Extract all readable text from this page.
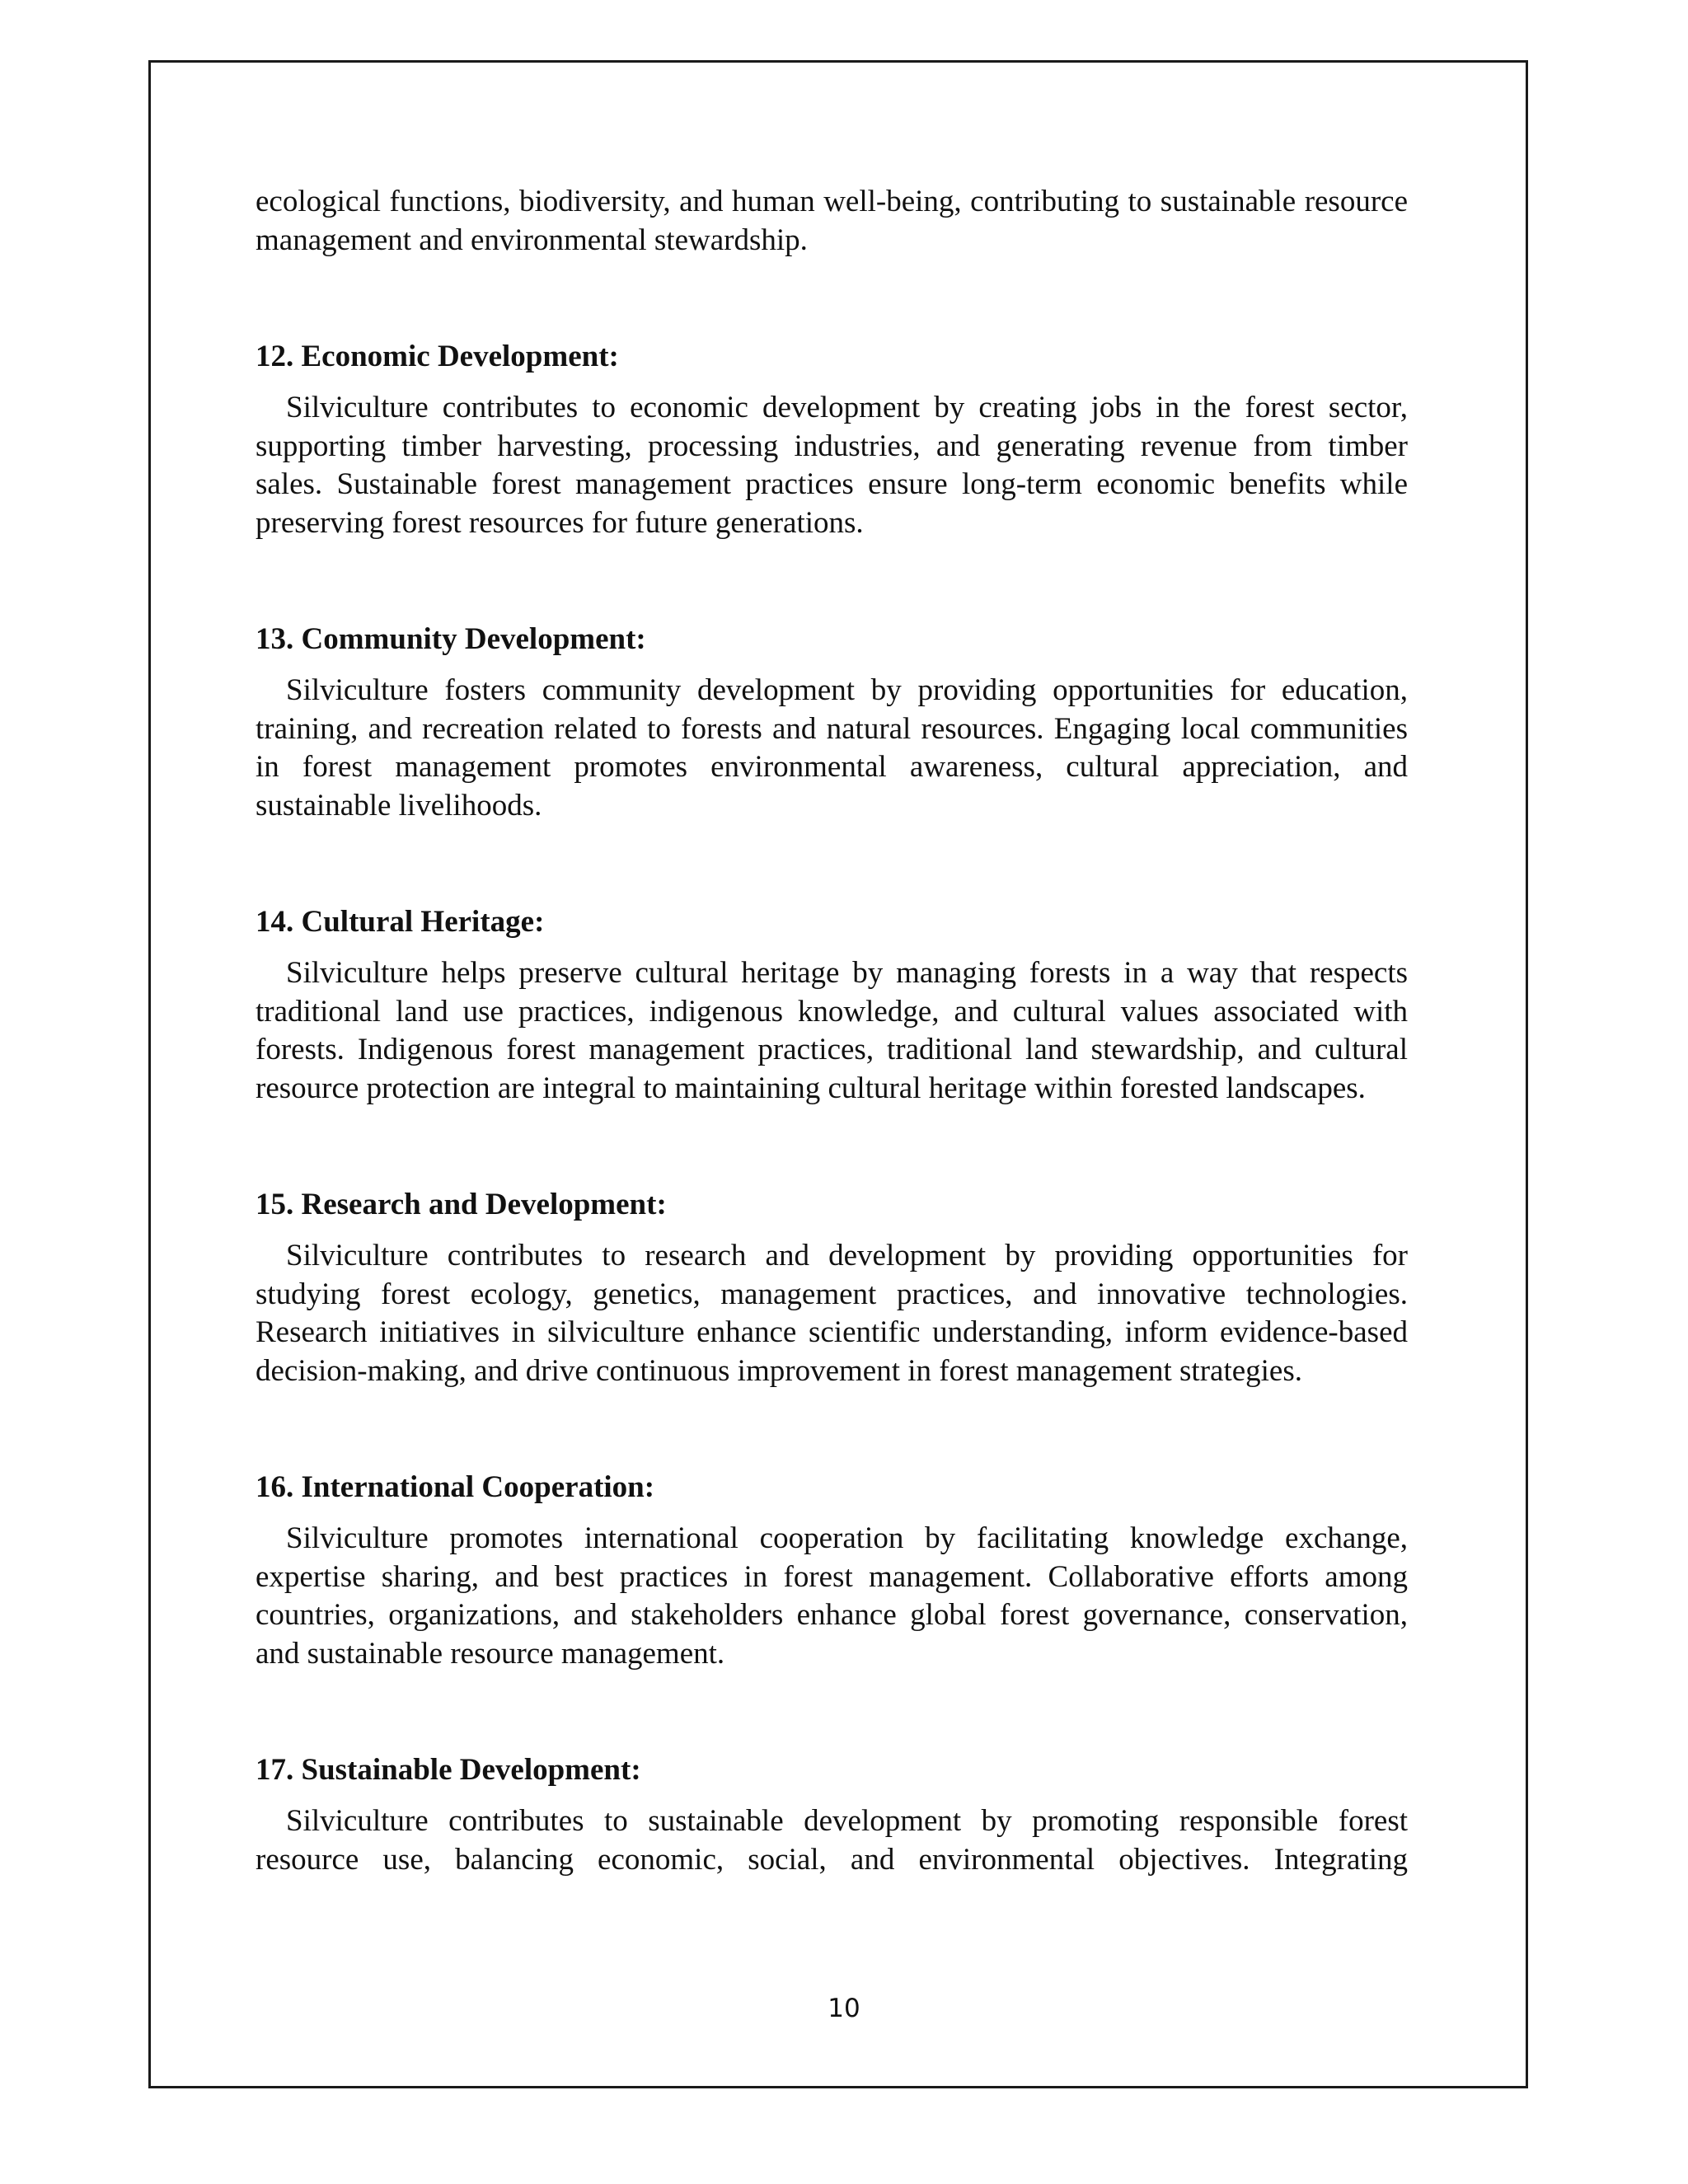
ecological functions, biodiversity, and human well-being, contributing to sustainable resource management and environmental stewardship.

12. Economic Development:

Silviculture contributes to economic development by creating jobs in the forest sector, supporting timber harvesting, processing industries, and generating revenue from timber sales. Sustainable forest management practices ensure long-term economic benefits while preserving forest resources for future generations.

13. Community Development:

Silviculture fosters community development by providing opportunities for education, training, and recreation related to forests and natural resources. Engaging local communities in forest management promotes environmental awareness, cultural appreciation, and sustainable livelihoods.

14. Cultural Heritage:

Silviculture helps preserve cultural heritage by managing forests in a way that respects traditional land use practices, indigenous knowledge, and cultural values associated with forests. Indigenous forest management practices, traditional land stewardship, and cultural resource protection are integral to maintaining cultural heritage within forested landscapes.

15. Research and Development:

Silviculture contributes to research and development by providing opportunities for studying forest ecology, genetics, management practices, and innovative technologies. Research initiatives in silviculture enhance scientific understanding, inform evidence-based decision-making, and drive continuous improvement in forest management strategies.

16. International Cooperation:

Silviculture promotes international cooperation by facilitating knowledge exchange, expertise sharing, and best practices in forest management. Collaborative efforts among countries, organizations, and stakeholders enhance global forest governance, conservation, and sustainable resource management.

17. Sustainable Development:

Silviculture contributes to sustainable development by promoting responsible forest resource use, balancing economic, social, and environmental objectives. Integrating

10
